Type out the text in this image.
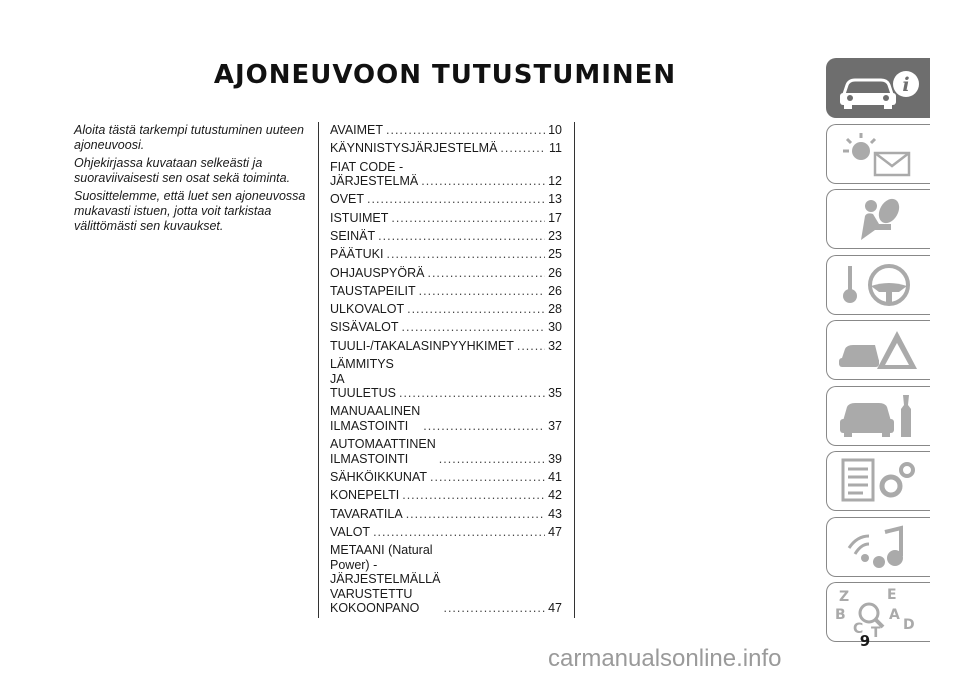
AJONEUVOON TUTUSTUMINEN

Aloita tästä tarkempi tutustuminen uuteen ajoneuvoosi.

Ohjekirjassa kuvataan selkeästi ja suoraviivaisesti sen osat sekä toiminta.

Suosittelemme, että luet sen ajoneuvossa mukavasti istuen, jotta voit tarkistaa välittömästi sen kuvaukset.

AVAIMET .....	10
KÄYNNISTYSJÄRJESTELMÄ .....	11
FIAT CODE -JÄRJESTELMÄ .....	12
OVET .....	13
ISTUIMET .....	17
SEINÄT .....	23
PÄÄTUKI .....	25
OHJAUSPYÖRÄ .....	26
TAUSTAPEILIT .....	26
ULKOVALOT .....	28
SISÄVALOT .....	30
TUULI-/TAKALASINPYYHKIMET .....	32
LÄMMITYS JA TUULETUS .....	35
MANUAALINEN ILMASTOINTI .....	37
AUTOMAATTINEN ILMASTOINTI .....	39
SÄHKÖIKKUNAT .....	41
KONEPELTI .....	42
TAVARATILA .....	43
VALOT .....	47
METAANI (Natural Power) -JÄRJESTELMÄLLÄ VARUSTETTU KOKOONPANO .....	47
i
Z	E
B	A
C	D
T
9
carmanualsonline.info
